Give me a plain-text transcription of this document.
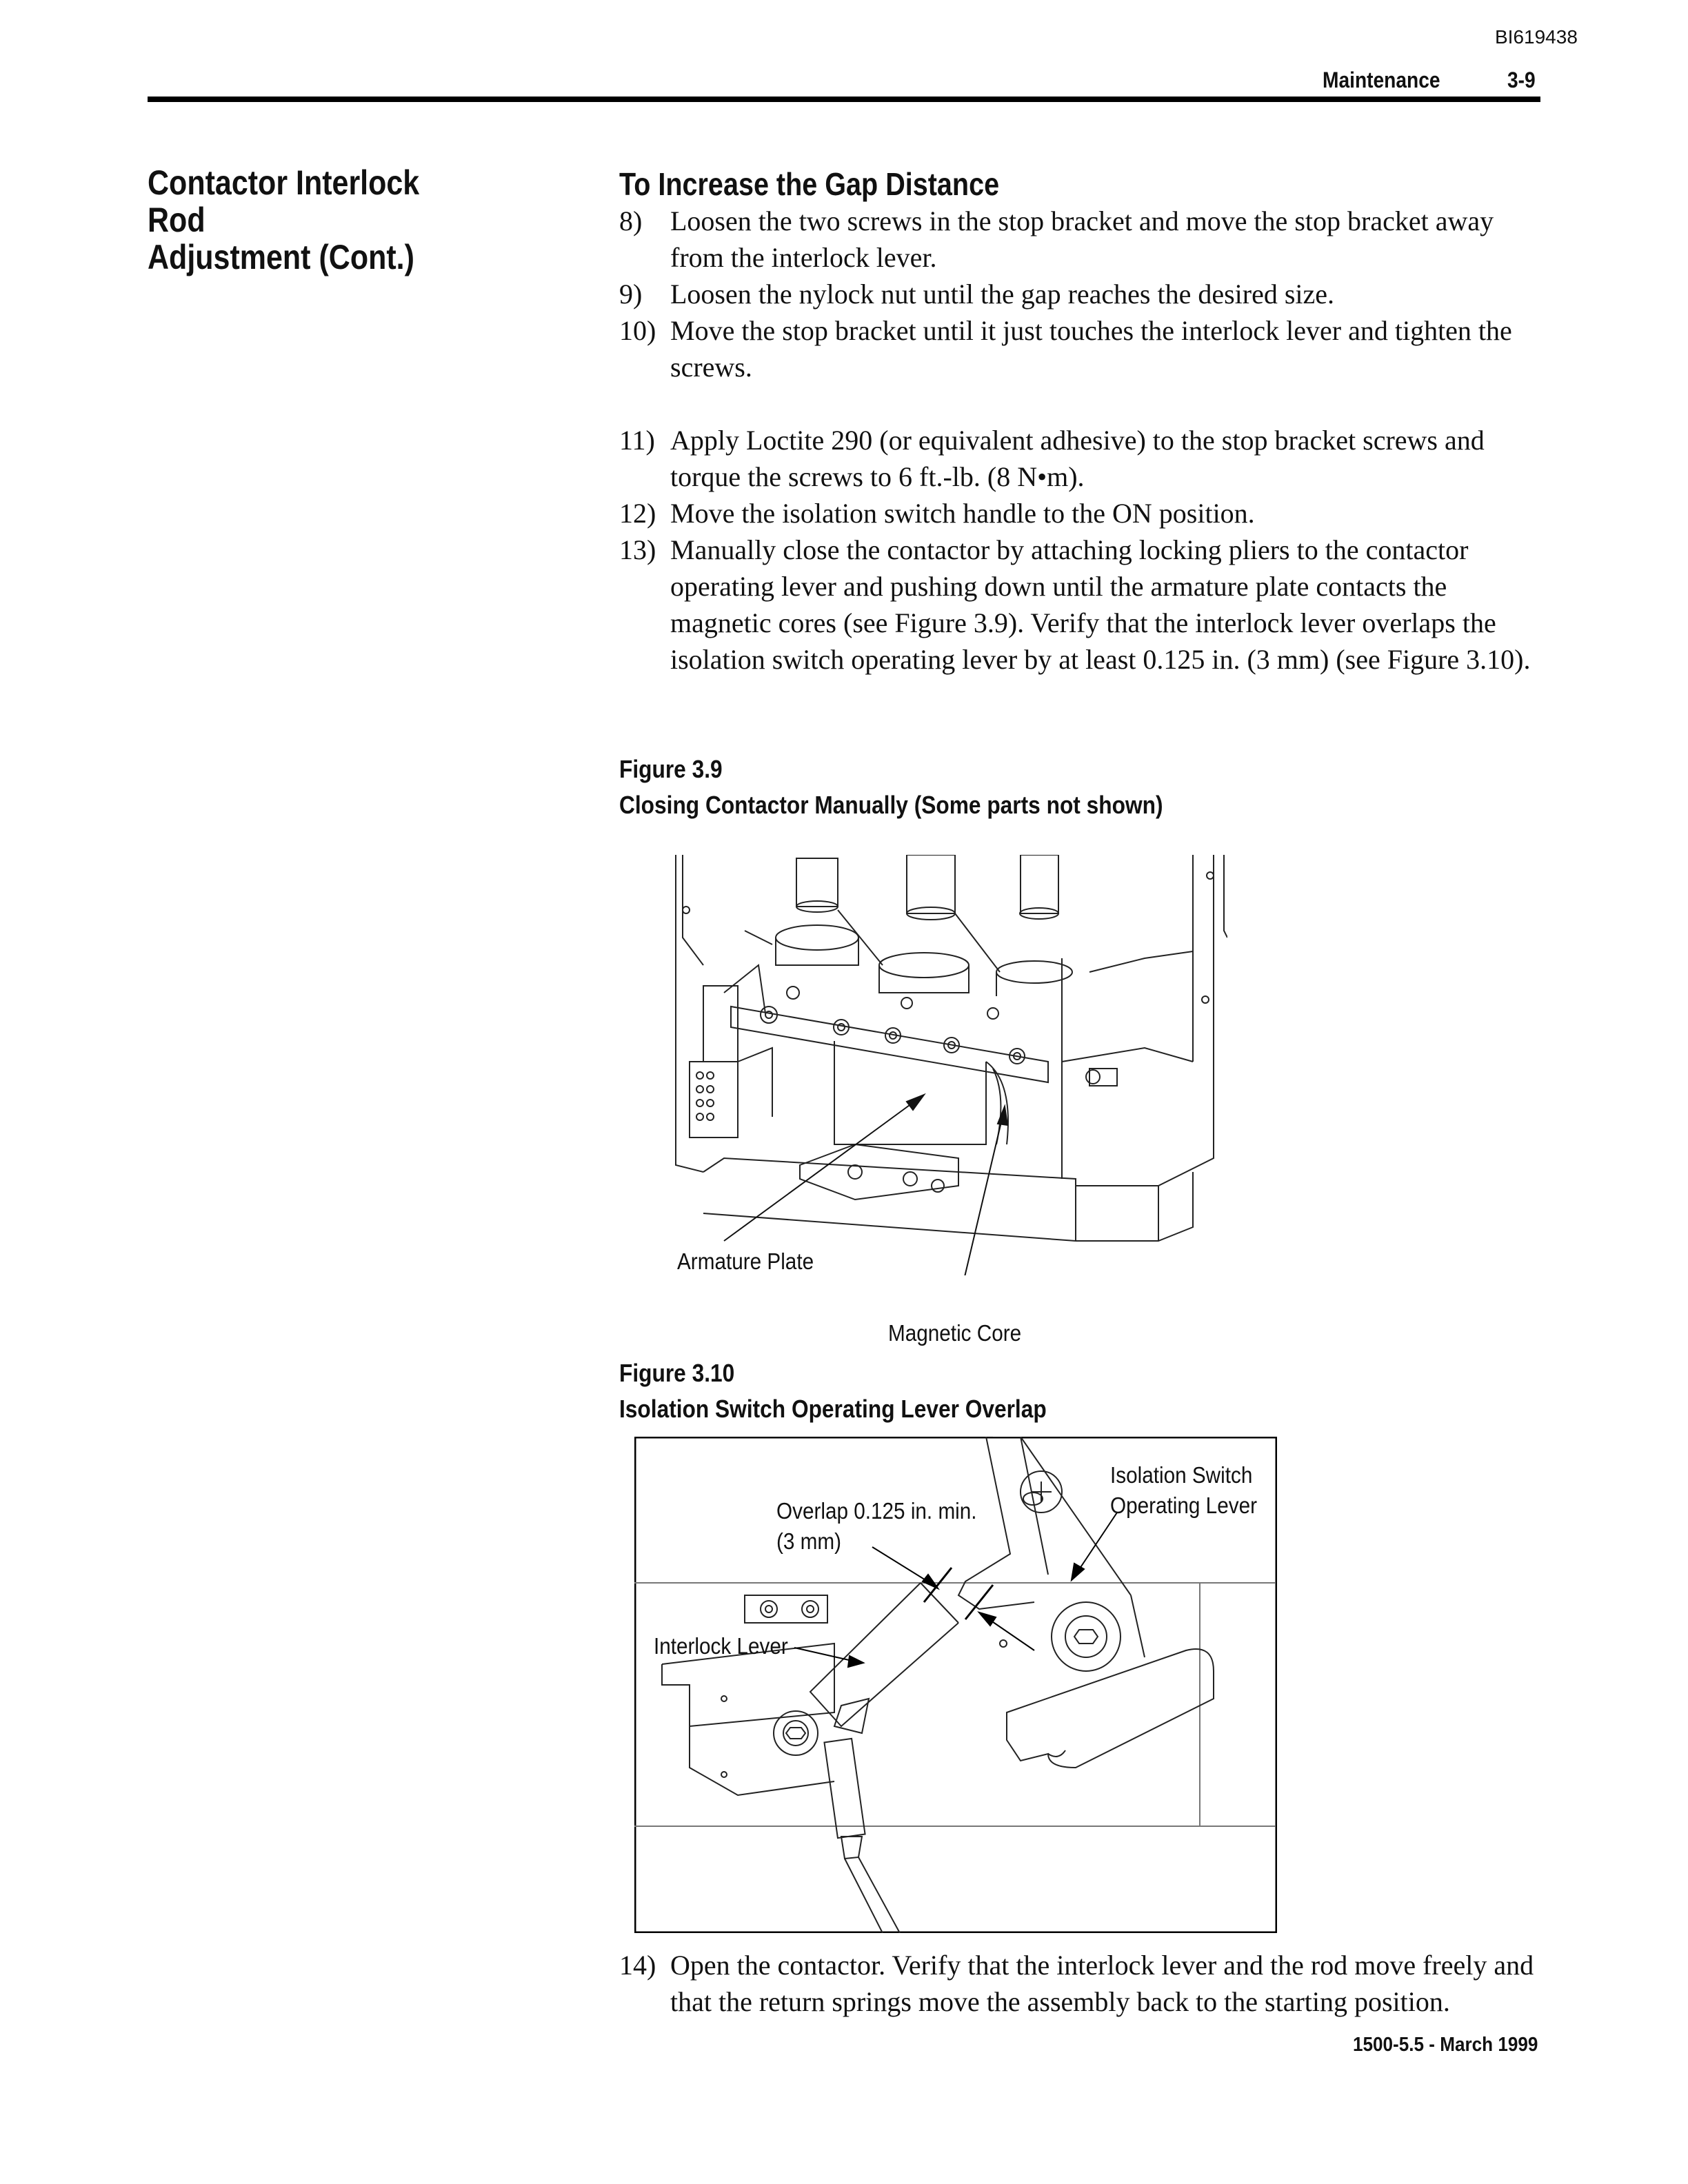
BI619438
Maintenance	3-9
Contactor Interlock Rod
Adjustment (Cont.)
To Increase the Gap Distance
8)	Loosen the two screws in the stop bracket and move the stop bracket away from the interlock lever.
9)	Loosen the nylock nut until the gap reaches the desired size.
10) Move the stop bracket until it just touches the interlock lever and tighten the screws.
11) Apply Loctite 290 (or equivalent adhesive) to the stop bracket screws and torque the screws to 6 ft.-lb. (8 N•m).
12) Move the isolation switch handle to the ON position.
13) Manually close the contactor by attaching locking pliers to the contactor operating lever and pushing down until the armature plate contacts the magnetic cores (see Figure 3.9). Verify that the interlock lever overlaps the isolation switch operating lever by at least 0.125 in. (3 mm) (see Figure 3.10).
Figure 3.9
Closing Contactor Manually (Some parts not shown)
Armature Plate
Magnetic Core
Figure 3.10
Isolation Switch Operating Lever Overlap
Overlap 0.125 in. min.
(3 mm)
Isolation Switch
Operating Lever
Interlock Lever
14) Open the contactor. Verify that the interlock lever and the rod move freely and that the return springs move the assembly back to the starting position.
1500-5.5 - March 1999
